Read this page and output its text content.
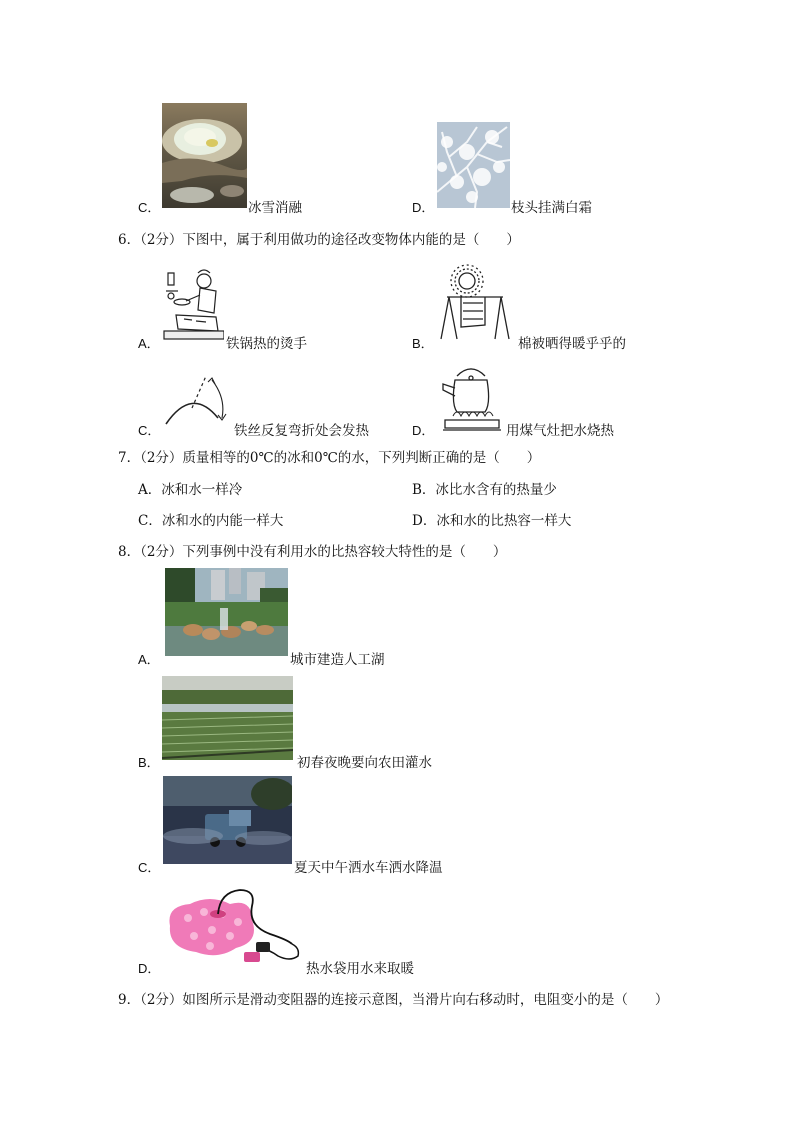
C．	冰雪消融	D．	枝头挂满白霜
6．（2分）下图中，属于利用做功的途径改变物体内能的是（　　）
A．	铁锅热的烫手	B．	棉被晒得暖乎乎的
C．	铁丝反复弯折处会发热	D．	用煤气灶把水烧热
7．（2分）质量相等的0℃的冰和0℃的水，下列判断正确的是（　　）
A．冰和水一样冷	B．冰比水含有的热量少
C．冰和水的内能一样大	D．冰和水的比热容一样大
8．（2分）下列事例中没有利用水的比热容较大特性的是（　　）
A．	城市建造人工湖
B．	初春夜晚要向农田灌水
C．	夏天中午洒水车洒水降温
D．	热水袋用水来取暖
9．（2分）如图所示是滑动变阻器的连接示意图，当滑片向右移动时，电阻变小的是（　　）
